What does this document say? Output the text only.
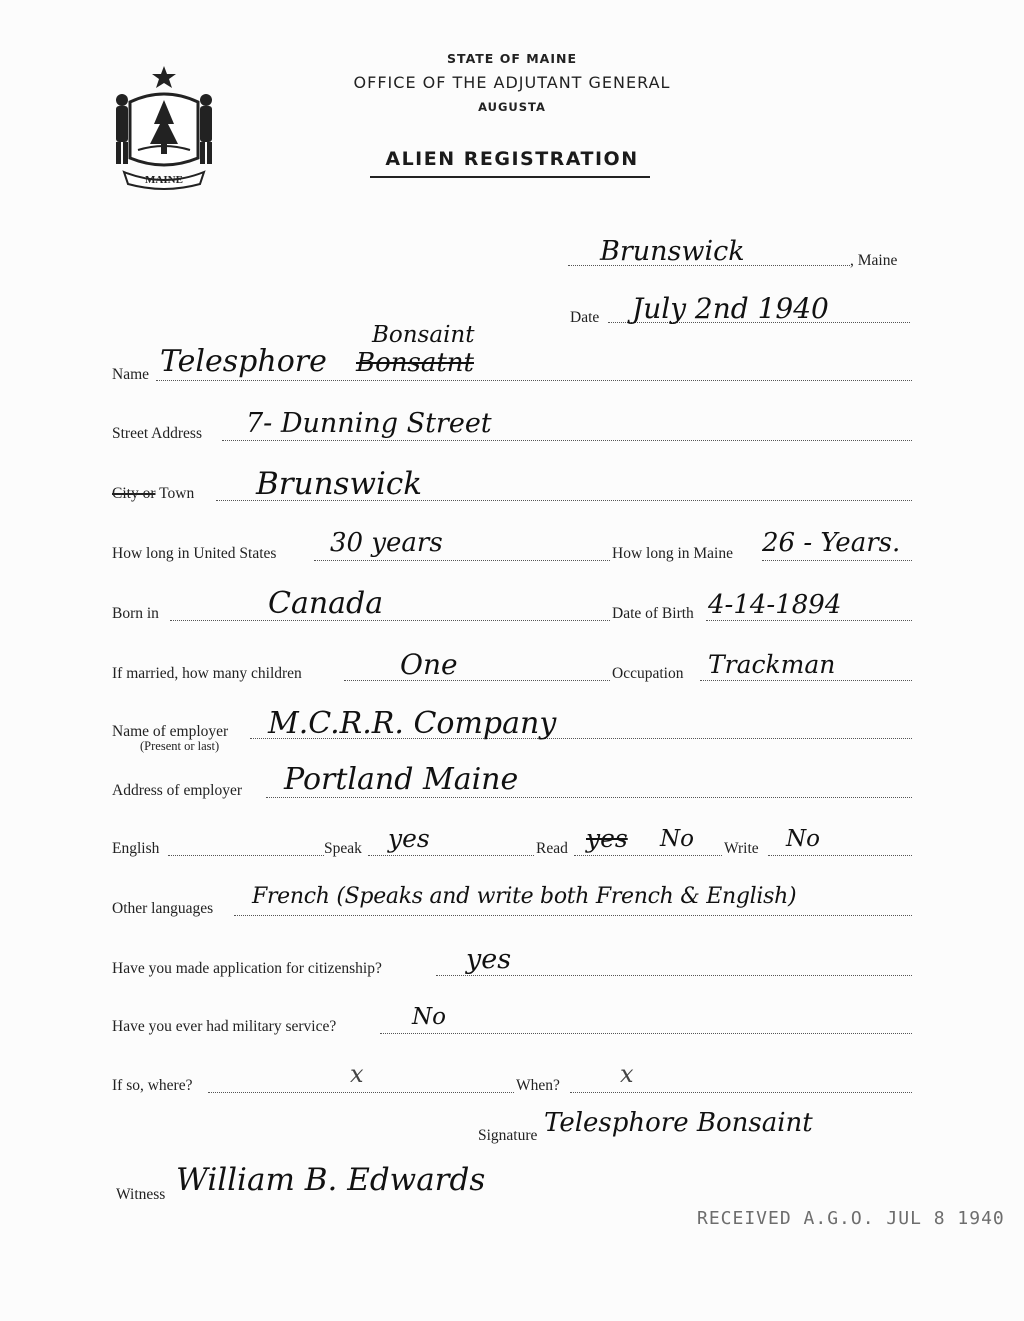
MAINE
STATE OF MAINE
OFFICE OF THE ADJUTANT GENERAL
AUGUSTA
ALIEN REGISTRATION
Brunswick	, Maine
Date July 2nd 1940
Name Telesphore Bonsatnt
Bonsaint
Street Address 7- Dunning Street
City or Town Brunswick
How long in United States 30 years	How long in Maine 26 - Years.
Born in	Canada	Date of Birth 4-14-1894
If married, how many children	One	Occupation Trackman
Name of employer
(Present or last)
M.C.R.R. Company
Address of employer Portland Maine
English	Speak yes	Read yes No Write No
Other languages French (Speaks and write both French & English)
Have you made application for citizenship?	yes
Have you ever had military service?	No
If so, where?	x	When?	x
Signature Telesphore Bonsaint
Witness William B. Edwards
RECEIVED A.G.O. JUL 8 1940
